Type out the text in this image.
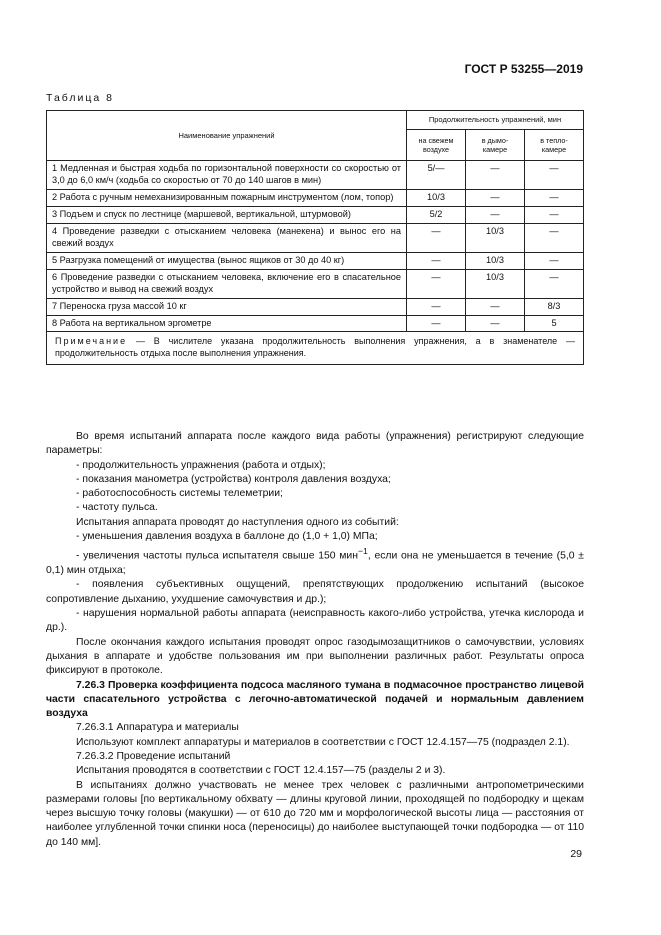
ГОСТ Р 53255—2019
Таблица 8
Наименование упражнений	Продолжительность упражнений, мин		
	на свежем воздухе	в дымо-камере	в тепло-камере
1 Медленная и быстрая ходьба по горизонтальной поверхности со скоростью от 3,0 до 6,0 км/ч (ходьба со скоростью от 70 до 140 шагов в мин)	5/—	—	—
2 Работа с ручным немеханизированным пожарным инструментом (лом, топор)	10/3	—	—
3 Подъем и спуск по лестнице (маршевой, вертикальной, штурмовой)	5/2	—	—
4 Проведение разведки с отысканием человека (манекена) и вынос его на свежий воздух	—	10/3	—
5 Разгрузка помещений от имущества (вынос ящиков от 30 до 40 кг)	—	10/3	—
6 Проведение разведки с отысканием человека, включение его в спасательное устройство и вывод на свежий воздух	—	10/3	—
7 Переноска груза массой 10 кг	—	—	8/3
8 Работа на вертикальном эргометре	—	—	5
Примечание — В числителе указана продолжительность выполнения упражнения, а в знаменателе — продолжительность отдыха после выполнения упражнения.			

Во время испытаний аппарата после каждого вида работы (упражнения) регистрируют следующие параметры:

- продолжительность упражнения (работа и отдых);

- показания манометра (устройства) контроля давления воздуха;

- работоспособность системы телеметрии;

- частоту пульса.

Испытания аппарата проводят до наступления одного из событий:

- уменьшения давления воздуха в баллоне до (1,0 + 1,0) МПа;

- увеличения частоты пульса испытателя свыше 150 мин$^{-1}$, если она не уменьшается в течение (5,0 ± 0,1) мин отдыха;

- появления субъективных ощущений, препятствующих продолжению испытаний (высокое сопротивление дыханию, ухудшение самочувствия и др.);

- нарушения нормальной работы аппарата (неисправность какого-либо устройства, утечка кислорода и др.).

После окончания каждого испытания проводят опрос газодымозащитников о самочувствии, условиях дыхания в аппарате и удобстве пользования им при выполнении различных работ. Результаты опроса фиксируют в протоколе.

7.26.3 Проверка коэффициента подсоса масляного тумана в подмасочное пространство лицевой части спасательного устройства с легочно-автоматической подачей и нормальным давлением воздуха

7.26.3.1 Аппаратура и материалы

Используют комплект аппаратуры и материалов в соответствии с ГОСТ 12.4.157—75 (подраздел 2.1).

7.26.3.2 Проведение испытаний

Испытания проводятся в соответствии с ГОСТ 12.4.157—75 (разделы 2 и 3).

В испытаниях должно участвовать не менее трех человек с различными антропометрическими размерами головы [по вертикальному обхвату — длины круговой линии, проходящей по подбородку и щекам через высшую точку головы (макушки) — от 610 до 720 мм и морфологической высоты лица — расстояния от наиболее углубленной точки спинки носа (переносицы) до наиболее выступающей точки подбородка — от 110 до 140 мм].

29
